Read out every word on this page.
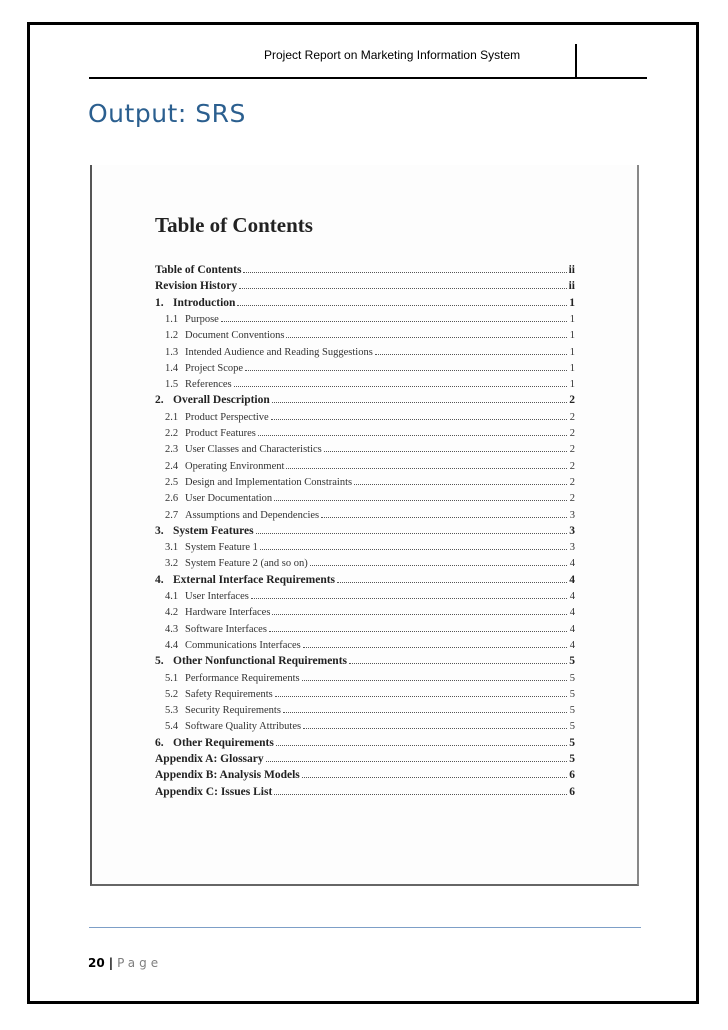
Project Report on Marketing Information System
Output: SRS
Table of Contents
Table of Contents	ii
Revision History	ii
1. Introduction	1
1.1 Purpose	1
1.2 Document Conventions	1
1.3 Intended Audience and Reading Suggestions	1
1.4 Project Scope	1
1.5 References	1
2. Overall Description	2
2.1 Product Perspective	2
2.2 Product Features	2
2.3 User Classes and Characteristics	2
2.4 Operating Environment	2
2.5 Design and Implementation Constraints	2
2.6 User Documentation	2
2.7 Assumptions and Dependencies	3
3. System Features	3
3.1 System Feature 1	3
3.2 System Feature 2 (and so on)	4
4. External Interface Requirements	4
4.1 User Interfaces	4
4.2 Hardware Interfaces	4
4.3 Software Interfaces	4
4.4 Communications Interfaces	4
5. Other Nonfunctional Requirements	5
5.1 Performance Requirements	5
5.2 Safety Requirements	5
5.3 Security Requirements	5
5.4 Software Quality Attributes	5
6. Other Requirements	5
Appendix A: Glossary	5
Appendix B: Analysis Models	6
Appendix C: Issues List	6
20 | Page
